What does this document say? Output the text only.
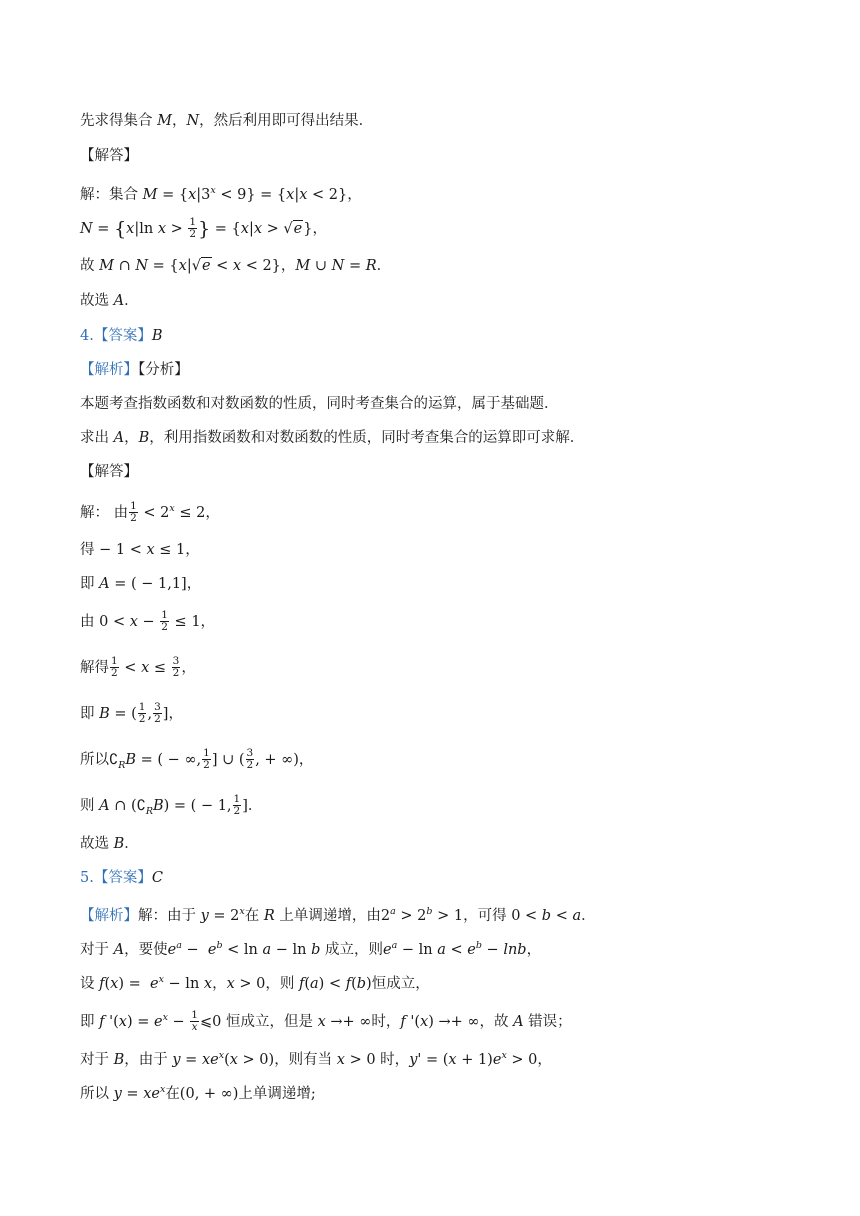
先求得集合 M，N，然后利用即可得出结果．
【解答】
解：集合 $M = \{x|3^x < 9\} = \{x|x < 2\}$，
N = {x|ln $x > \frac{1}{2}$ } = {x|x > √e}，
故 M ∩ N = {x|√e < x < 2}，M ∪ N = R．
故选 A．
4.【答案】B
【解析】【分析】
本题考查指数函数和对数函数的性质，同时考查集合的运算，属于基础题．
求出 A，B，利用指数函数和对数函数的性质，同时考查集合的运算即可求解．
【解答】
解： 由 $\frac{1}{2} < 2^x \le 2$，
得 − 1 < x ≤ 1，
即 A = ( − 1,1]，
由 $0 < x - \frac{1}{2} \le 1$，
解得 $\frac{1}{2} < x \le \frac{3}{2}$ ，
即 B = ( $\frac{1}{2}$ , $\frac{3}{2}$ ]，
所以$∁_RB$ = ( − ∞, $\frac{1}{2}$ ] ∪ ( $\frac{3}{2}$ , + ∞)，
则 A ∩ $(∁_RB)$ = ( − 1, $\frac{1}{2}$ ]．
故选 B．
5.【答案】C
【解析】解：由于 $y = 2^x$在 R 上单调递增，由$2^a > 2^b > 1$，可得 0 < b < a．
对于 A，要使$e^a - e^b < \ln a - \ln b$ 成立，则$e^a - \ln a < e^b - \ln b$，
设 $f(x) = e^x - \ln x$，x > 0，则 f(a) < f(b)恒成立，
即 f '$(x) = e^x - \frac{1}{x}$ ⩽0 恒成立，但是 x →+ ∞时，f '(x) →+ ∞，故 A 错误；
对于 B，由于 $y = xe^x(x > 0)$，则有当 x > 0 时，$y' = (x + 1)e^x > 0$，
所以 $y = xe^x$在(0, + ∞)上单调递增;
